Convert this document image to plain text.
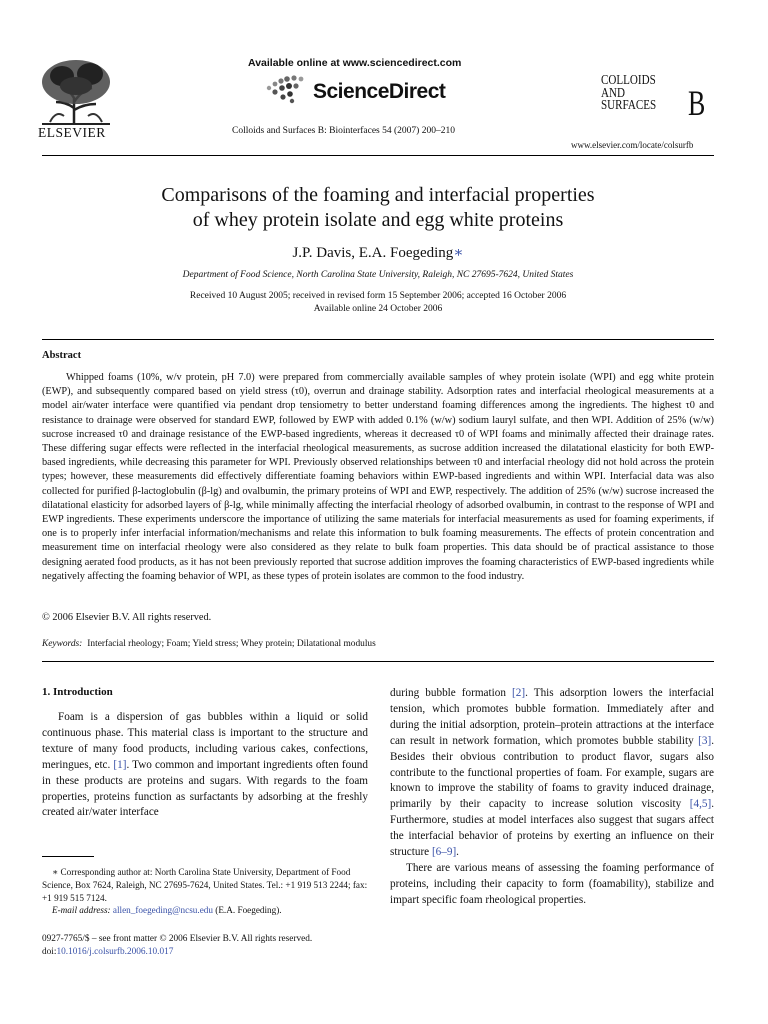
ELSEVIER
Available online at www.sciencedirect.com
ScienceDirect
Colloids and Surfaces B: Biointerfaces 54 (2007) 200–210
COLLOIDS
AND
SURFACES B
www.elsevier.com/locate/colsurfb
Comparisons of the foaming and interfacial properties
of whey protein isolate and egg white proteins
J.P. Davis, E.A. Foegeding∗
Department of Food Science, North Carolina State University, Raleigh, NC 27695-7624, United States
Received 10 August 2005; received in revised form 15 September 2006; accepted 16 October 2006
Available online 24 October 2006
Abstract

Whipped foams (10%, w/v protein, pH 7.0) were prepared from commercially available samples of whey protein isolate (WPI) and egg white protein (EWP), and subsequently compared based on yield stress (τ0), overrun and drainage stability. Adsorption rates and interfacial rheological measurements at a model air/water interface were quantified via pendant drop tensiometry to better understand foaming differences among the ingredients. The highest τ0 and resistance to drainage were observed for standard EWP, followed by EWP with added 0.1% (w/w) sodium lauryl sulfate, and then WPI. Addition of 25% (w/w) sucrose increased τ0 and drainage resistance of the EWP-based ingredients, whereas it decreased τ0 of WPI foams and minimally affected their drainage rates. These differing sugar effects were reflected in the interfacial rheological measurements, as sucrose addition increased the dilatational elasticity for both EWP-based ingredients, while decreasing this parameter for WPI. Previously observed relationships between τ0 and interfacial rheology did not hold across the protein types; however, these measurements did effectively differentiate foaming behaviors within EWP-based ingredients and within WPI. Interfacial data was also collected for purified β-lactoglobulin (β-lg) and ovalbumin, the primary proteins of WPI and EWP, respectively. The addition of 25% (w/w) sucrose increased the dilatational elasticity for adsorbed layers of β-lg, while minimally affecting the interfacial rheology of adsorbed ovalbumin, in contrast to the response of WPI and EWP ingredients. These experiments underscore the importance of utilizing the same materials for interfacial measurements as used for foaming experiments, if one is to properly infer interfacial information/mechanisms and relate this information to bulk foaming measurements. The effects of protein concentration and measurement time on interfacial rheology were also considered as they relate to bulk foam properties. This data should be of practical assistance to those designing aerated food products, as it has not been previously reported that sucrose addition improves the foaming characteristics of EWP-based ingredients while negatively affecting the foaming behavior of WPI, as these types of protein isolates are common to the food industry.

© 2006 Elsevier B.V. All rights reserved.
Keywords: Interfacial rheology; Foam; Yield stress; Whey protein; Dilatational modulus
1. Introduction

Foam is a dispersion of gas bubbles within a liquid or solid continuous phase. This material class is important to the structure and texture of many food products, including various cakes, confections, meringues, etc. [1]. Two common and important ingredients often found in these products are proteins and sugars. With regards to the foam properties, proteins function as surfactants by adsorbing at the freshly created air/water interface

∗ Corresponding author at: North Carolina State University, Department of Food Science, Box 7624, Raleigh, NC 27695-7624, United States. Tel.: +1 919 513 2244; fax: +1 919 515 7124.
E-mail address: allen_foegeding@ncsu.edu (E.A. Foegeding).
0927-7765/$ – see front matter © 2006 Elsevier B.V. All rights reserved.
doi:10.1016/j.colsurfb.2006.10.017

during bubble formation [2]. This adsorption lowers the interfacial tension, which promotes bubble formation. Immediately after and during the initial adsorption, protein–protein attractions at the interface can result in network formation, which promotes bubble stability [3]. Besides their obvious contribution to product flavor, sugars also contribute to the functional properties of foam. For example, sugars are known to improve the stability of foams to gravity induced drainage, primarily by their capacity to increase solution viscosity [4,5]. Furthermore, studies at model interfaces also suggest that sugars affect the interfacial behavior of proteins by exerting an influence on their structure [6–9].

There are various means of assessing the foaming performance of proteins, including their capacity to form (foamability), stabilize and impart specific foam rheological properties.
